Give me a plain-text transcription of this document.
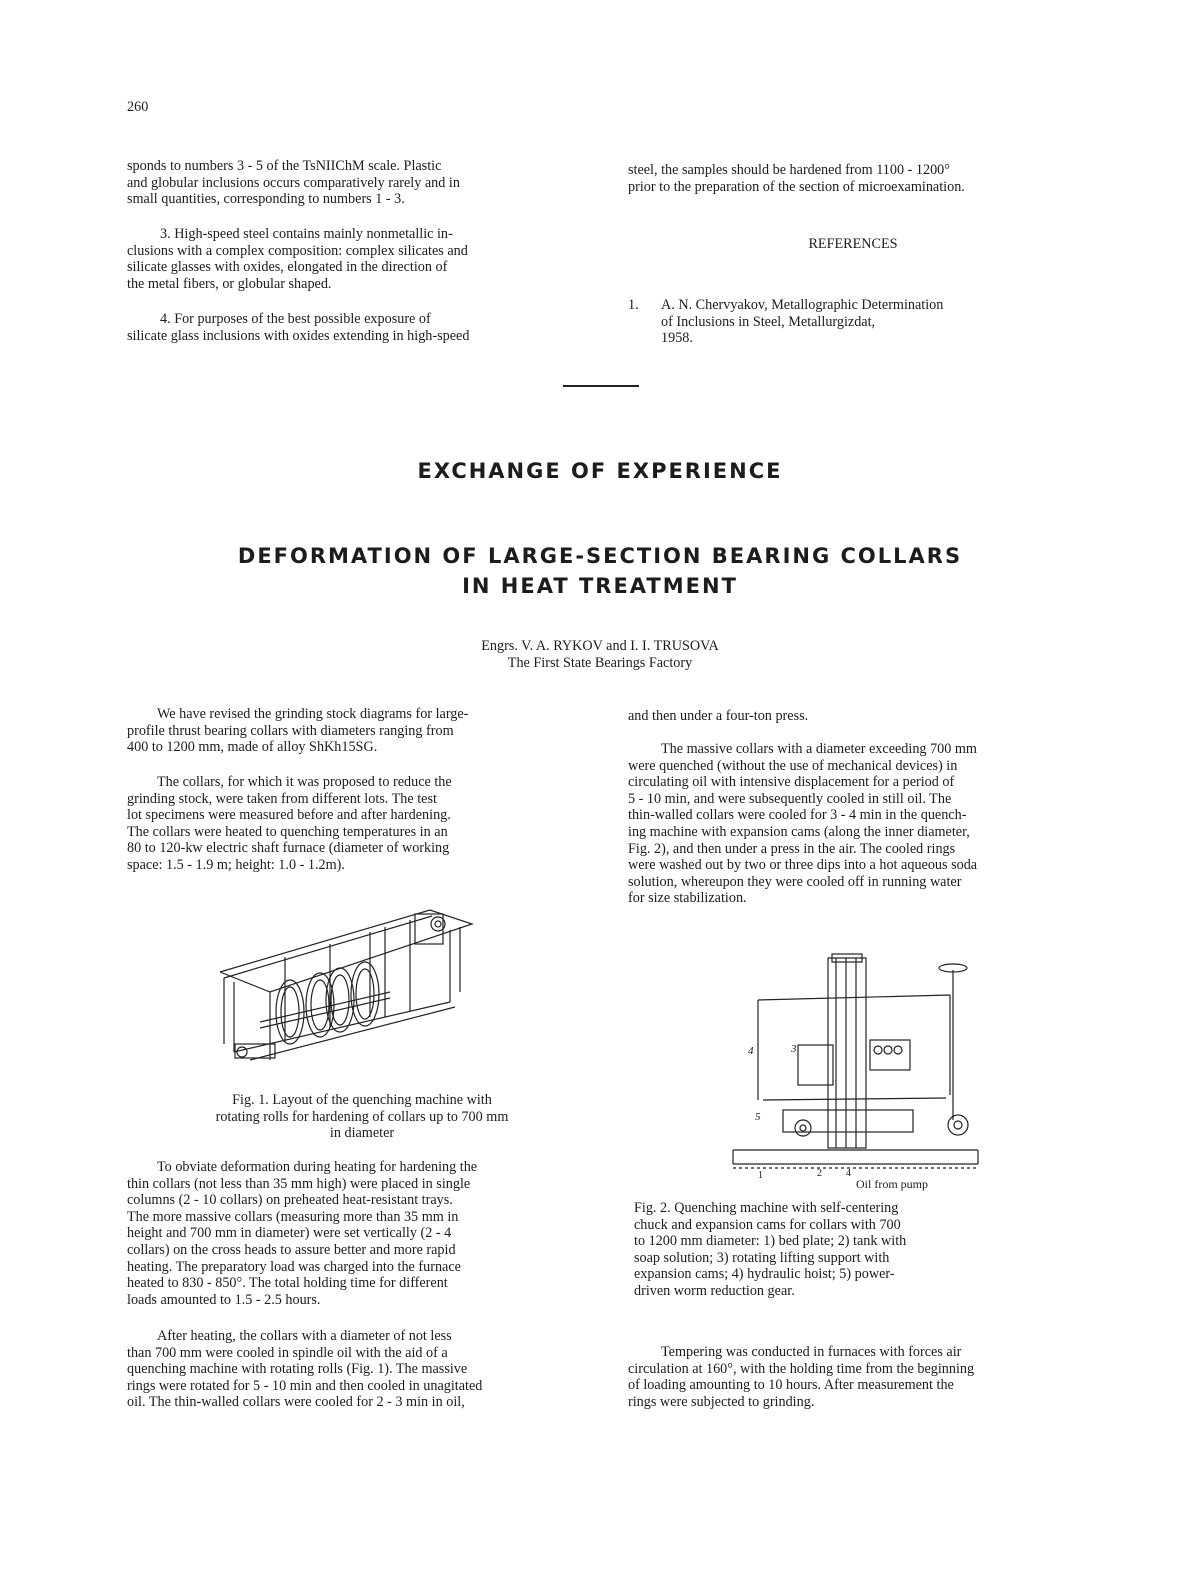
260
sponds to numbers 3 - 5 of the TsNIIChM scale. Plastic
and globular inclusions occurs comparatively rarely and in
small quantities, corresponding to numbers 1 - 3.
3. High-speed steel contains mainly nonmetallic in-
clusions with a complex composition: complex silicates and
silicate glasses with oxides, elongated in the direction of
the metal fibers, or globular shaped.
4. For purposes of the best possible exposure of
silicate glass inclusions with oxides extending in high-speed
steel, the samples should be hardened from 1100 - 1200°
prior to the preparation of the section of microexamination.
REFERENCES
1. A. N. Chervyakov, Metallographic Determination
of Inclusions in Steel, Metallurgizdat,
1958.
EXCHANGE OF EXPERIENCE
DEFORMATION OF LARGE-SECTION BEARING COLLARS
IN HEAT TREATMENT
Engrs. V. A. RYKOV and I. I. TRUSOVA
The First State Bearings Factory
We have revised the grinding stock diagrams for large-
profile thrust bearing collars with diameters ranging from
400 to 1200 mm, made of alloy ShKh15SG.
The collars, for which it was proposed to reduce the
grinding stock, were taken from different lots. The test
lot specimens were measured before and after hardening.
The collars were heated to quenching temperatures in an
80 to 120-kw electric shaft furnace (diameter of working
space: 1.5 - 1.9 m; height: 1.0 - 1.2m).
Fig. 1. Layout of the quenching machine with
rotating rolls for hardening of collars up to 700 mm
in diameter
To obviate deformation during heating for hardening the
thin collars (not less than 35 mm high) were placed in single
columns (2 - 10 collars) on preheated heat-resistant trays.
The more massive collars (measuring more than 35 mm in
height and 700 mm in diameter) were set vertically (2 - 4
collars) on the cross heads to assure better and more rapid
heating. The preparatory load was charged into the furnace
heated to 830 - 850°. The total holding time for different
loads amounted to 1.5 - 2.5 hours.
After heating, the collars with a diameter of not less
than 700 mm were cooled in spindle oil with the aid of a
quenching machine with rotating rolls (Fig. 1). The massive
rings were rotated for 5 - 10 min and then cooled in unagitated
oil. The thin-walled collars were cooled for 2 - 3 min in oil,
and then under a four-ton press.
The massive collars with a diameter exceeding 700 mm
were quenched (without the use of mechanical devices) in
circulating oil with intensive displacement for a period of
5 - 10 min, and were subsequently cooled in still oil. The
thin-walled collars were cooled for 3 - 4 min in the quench-
ing machine with expansion cams (along the inner diameter,
Fig. 2), and then under a press in the air. The cooled rings
were washed out by two or three dips into a hot aqueous soda
solution, whereupon they were cooled off in running water
for size stabilization.
4	3
5
1	2 4
Oil from pump
Fig. 2. Quenching machine with self-centering
chuck and expansion cams for collars with 700
to 1200 mm diameter: 1) bed plate; 2) tank with
soap solution; 3) rotating lifting support with
expansion cams; 4) hydraulic hoist; 5) power-
driven worm reduction gear.
Tempering was conducted in furnaces with forces air
circulation at 160°, with the holding time from the beginning
of loading amounting to 10 hours. After measurement the
rings were subjected to grinding.
